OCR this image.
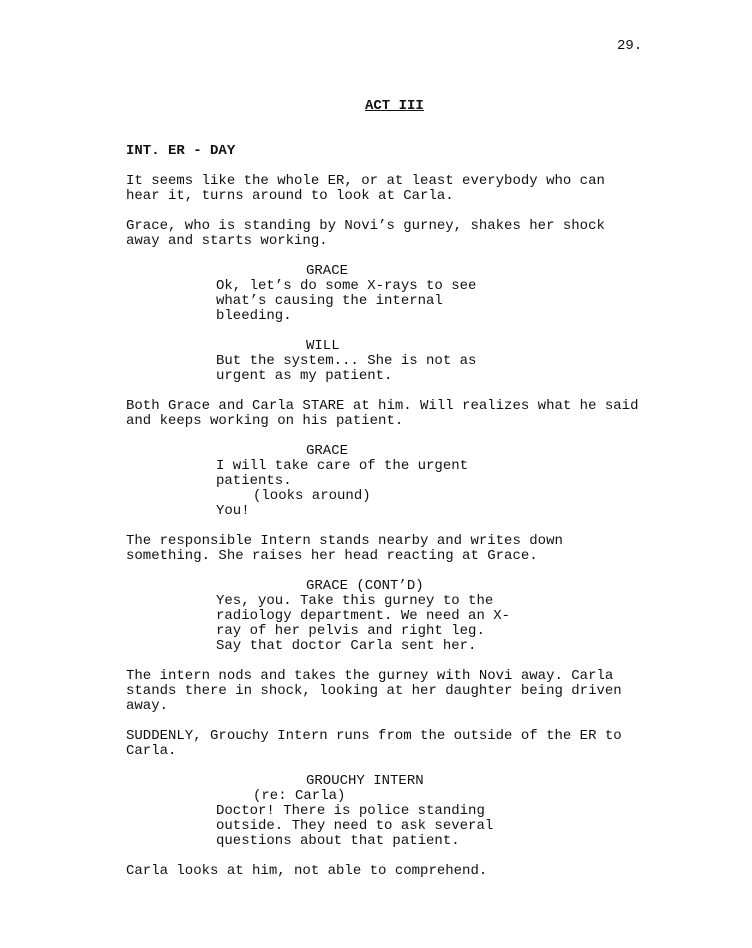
29.
ACT III
INT. ER - DAY
It seems like the whole ER, or at least everybody who can
hear it, turns around to look at Carla.
Grace, who is standing by Novi’s gurney, shakes her shock
away and starts working.
GRACE
Ok, let’s do some X-rays to see
what’s causing the internal
bleeding.
WILL
But the system... She is not as
urgent as my patient.
Both Grace and Carla STARE at him. Will realizes what he said
and keeps working on his patient.
GRACE
I will take care of the urgent
patients.
(looks around)
You!
The responsible Intern stands nearby and writes down
something. She raises her head reacting at Grace.
GRACE (CONT’D)
Yes, you. Take this gurney to the
radiology department. We need an X-
ray of her pelvis and right leg.
Say that doctor Carla sent her.
The intern nods and takes the gurney with Novi away. Carla
stands there in shock, looking at her daughter being driven
away.
SUDDENLY, Grouchy Intern runs from the outside of the ER to
Carla.
GROUCHY INTERN
(re: Carla)
Doctor! There is police standing
outside. They need to ask several
questions about that patient.
Carla looks at him, not able to comprehend.
